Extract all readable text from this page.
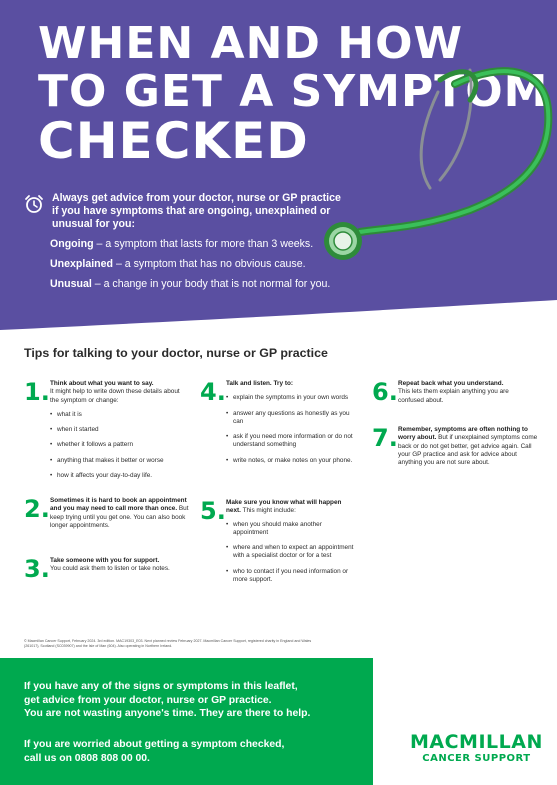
WHEN AND HOW
TO GET A SYMPTOM
CHECKED

Always get advice from your doctor, nurse or GP practice if you have symptoms that are ongoing, unexplained or unusual for you:

Ongoing – a symptom that lasts for more than 3 weeks.
Unexplained – a symptom that has no obvious cause.
Unusual – a change in your body that is not normal for you.
Tips for talking to your doctor, nurse or GP practice
1. Think about what you want to say.
It might help to write down these details about the symptom or change:
• what it is
• when it started
• whether it follows a pattern
• anything that makes it better or worse
• how it affects your day-to-day life.
2. Sometimes it is hard to book an appointment and you may need to call more than once. But keep trying until you get one. You can also book longer appointments.
3. Take someone with you for support.
You could ask them to listen or take notes.
4. Talk and listen. Try to:
• explain the symptoms in your own words
• answer any questions as honestly as you can
• ask if you need more information or do not understand something
• write notes, or make notes on your phone.
5. Make sure you know what will happen next. This might include:
• when you should make another appointment
• where and when to expect an appointment with a specialist doctor or for a test
• who to contact if you need information or more support.
6. Repeat back what you understand.
This lets them explain anything you are confused about.
7. Remember, symptoms are often nothing to worry about. But if unexplained symptoms come back or do not get better, get advice again. Call your GP practice and ask for advice about anything you are not sure about.
© Macmillan Cancer Support, February 2024. 3rd edition. MAC19303_E03. Next planned review February 2027. Macmillan Cancer Support, registered charity in England and Wales (261017), Scotland (SC039907) and the Isle of Man (604). Also operating in Northern Ireland.

If you have any of the signs or symptoms in this leaflet,
get advice from your doctor, nurse or GP practice.
You are not wasting anyone's time. They are there to help.

If you are worried about getting a symptom checked,
call us on 0808 808 00 00.

MACMILLAN
CANCER SUPPORT
